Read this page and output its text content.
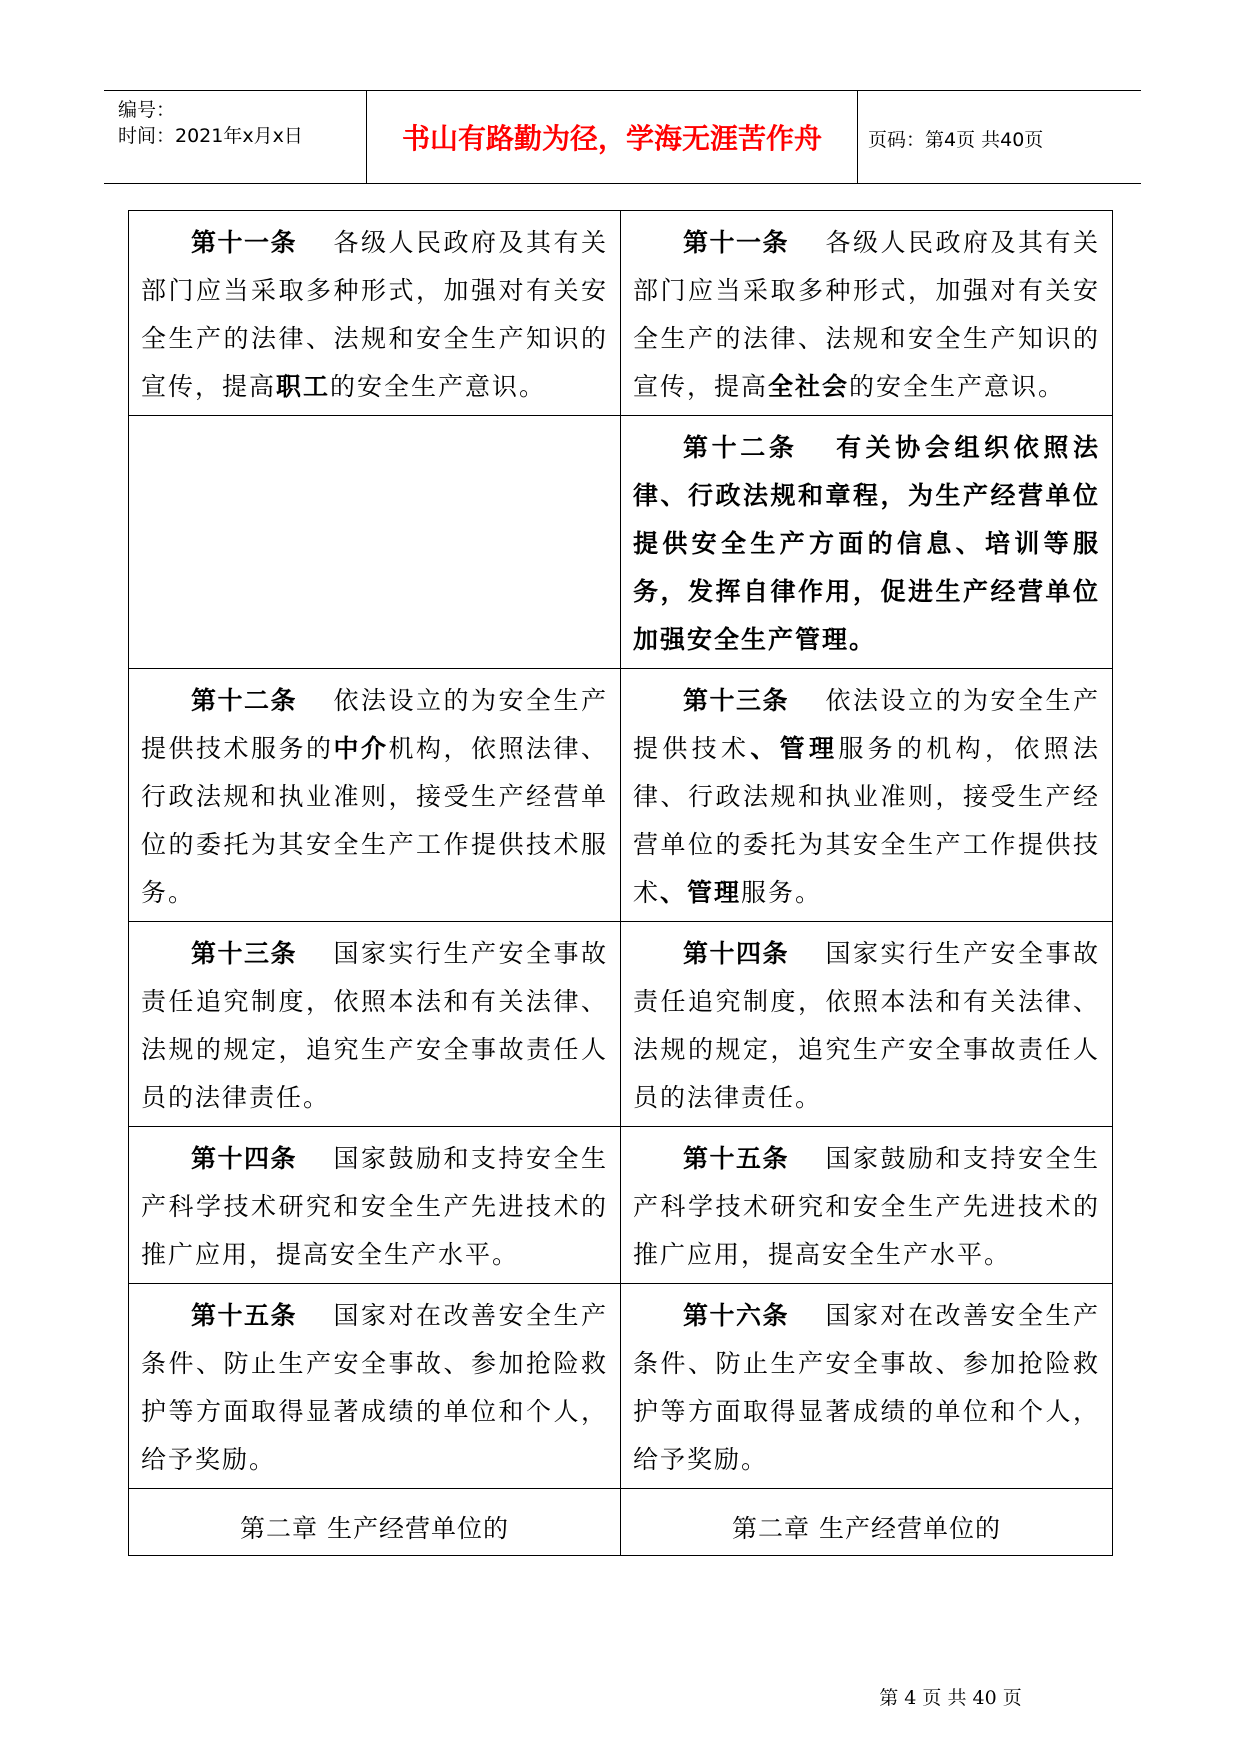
编号：
时间：2021年x月x日	书山有路勤为径，学海无涯苦作舟	页码：第4页 共40页
第十一条 各级人民政府及其有关部门应当采取多种形式，加强对有关安全生产的法律、法规和安全生产知识的宣传，提高职工的安全生产意识。	第十一条 各级人民政府及其有关部门应当采取多种形式，加强对有关安全生产的法律、法规和安全生产知识的宣传，提高全社会的安全生产意识。
	第十二条 有关协会组织依照法律、行政法规和章程，为生产经营单位提供安全生产方面的信息、培训等服务，发挥自律作用，促进生产经营单位加强安全生产管理。
第十二条 依法设立的为安全生产提供技术服务的中介机构，依照法律、行政法规和执业准则，接受生产经营单位的委托为其安全生产工作提供技术服务。	第十三条 依法设立的为安全生产提供技术、管理服务的机构，依照法律、行政法规和执业准则，接受生产经营单位的委托为其安全生产工作提供技术、管理服务。
第十三条 国家实行生产安全事故责任追究制度，依照本法和有关法律、法规的规定，追究生产安全事故责任人员的法律责任。	第十四条 国家实行生产安全事故责任追究制度，依照本法和有关法律、法规的规定，追究生产安全事故责任人员的法律责任。
第十四条 国家鼓励和支持安全生产科学技术研究和安全生产先进技术的推广应用，提高安全生产水平。	第十五条 国家鼓励和支持安全生产科学技术研究和安全生产先进技术的推广应用，提高安全生产水平。
第十五条 国家对在改善安全生产条件、防止生产安全事故、参加抢险救护等方面取得显著成绩的单位和个人，给予奖励。	第十六条 国家对在改善安全生产条件、防止生产安全事故、参加抢险救护等方面取得显著成绩的单位和个人，给予奖励。
第二章 生产经营单位的	第二章 生产经营单位的
第 4 页 共 40 页
